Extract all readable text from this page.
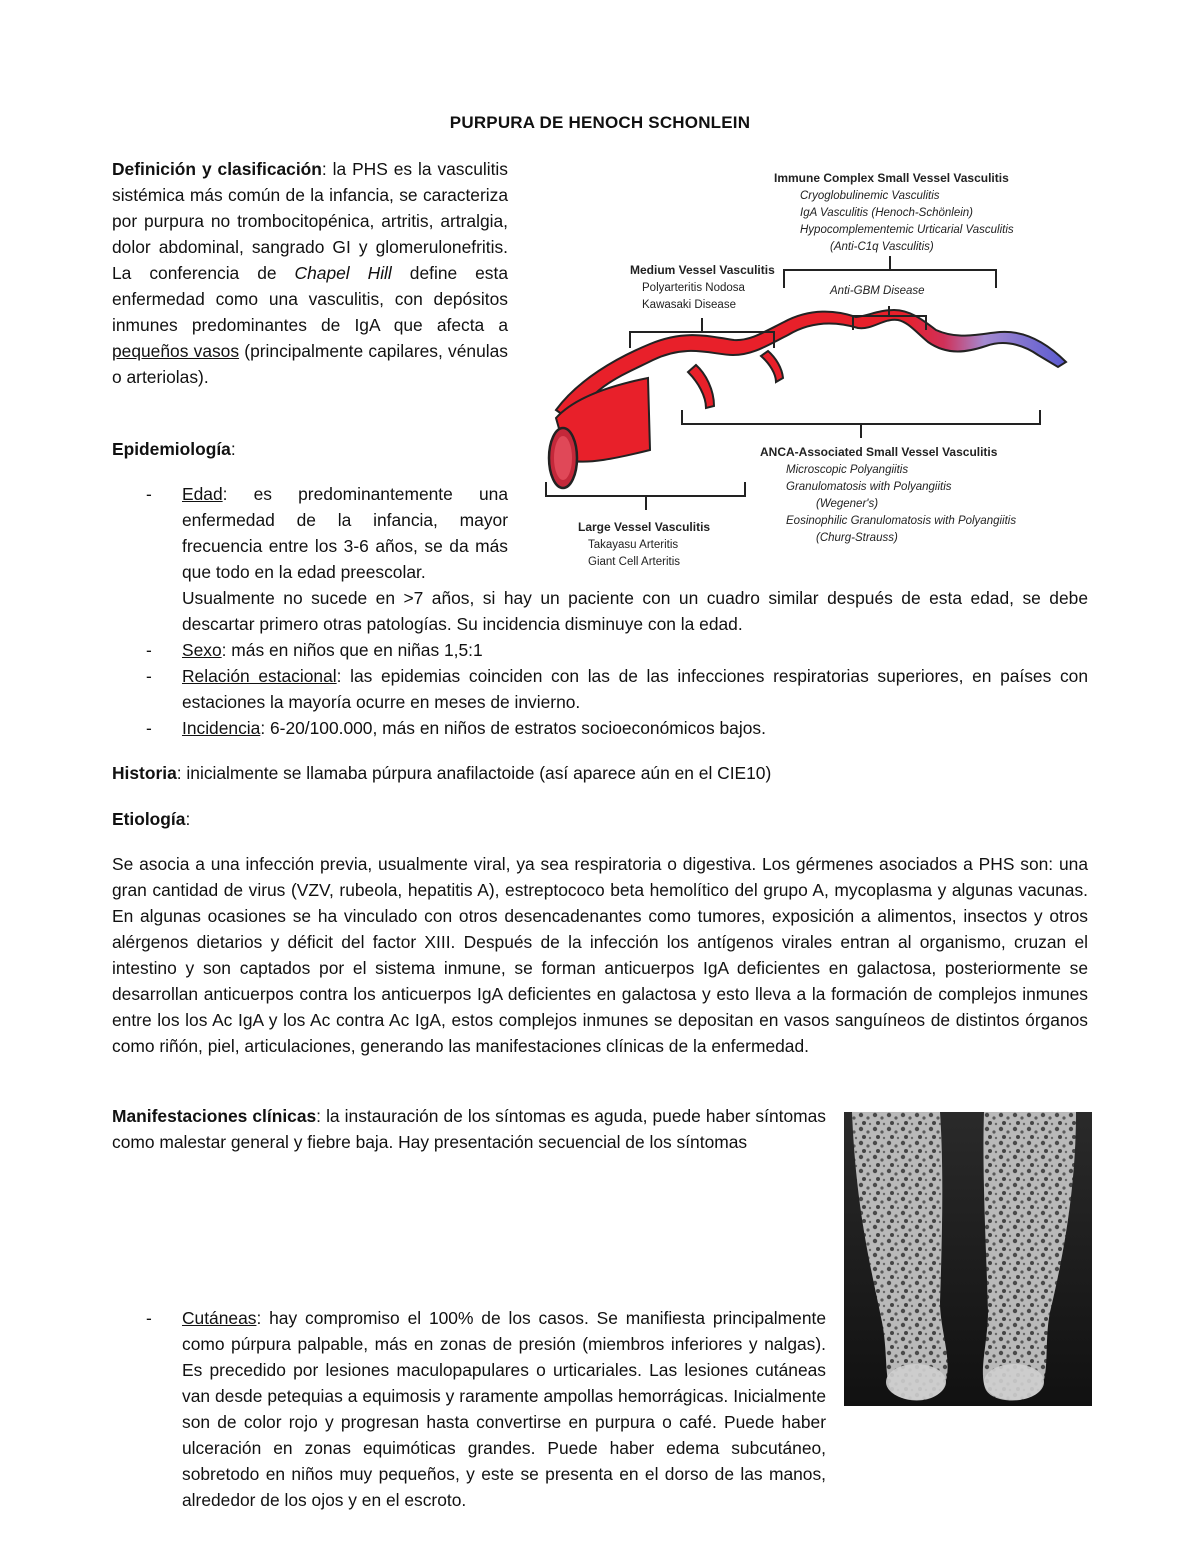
PURPURA DE HENOCH SCHONLEIN

Definición y clasificación: la PHS es la vasculitis sistémica más común de la infancia, se caracteriza por purpura no trombocitopénica, artritis, artralgia, dolor abdominal, sangrado GI y glomerulonefritis. La conferencia de Chapel Hill define esta enfermedad como una vasculitis, con depósitos inmunes predominantes de IgA que afecta a pequeños vasos (principalmente capilares, vénulas o arteriolas).

Epidemiología:

- Edad: es predominantemente una enfermedad de la infancia, mayor frecuencia entre los 3-6 años, se da más que todo en la edad preescolar.

Usualmente no sucede en >7 años, si hay un paciente con un cuadro similar después de esta edad, se debe descartar primero otras patologías. Su incidencia disminuye con la edad.

- Sexo: más en niños que en niñas 1,5:1

- Relación estacional: las epidemias coinciden con las de las infecciones respiratorias superiores, en países con estaciones la mayoría ocurre en meses de invierno.

- Incidencia: 6-20/100.000, más en niños de estratos socioeconómicos bajos.

Historia: inicialmente se llamaba púrpura anafilactoide (así aparece aún en el CIE10)

Etiología:

Se asocia a una infección previa, usualmente viral, ya sea respiratoria o digestiva. Los gérmenes asociados a PHS son: una gran cantidad de virus (VZV, rubeola, hepatitis A), estreptococo beta hemolítico del grupo A, mycoplasma y algunas vacunas. En algunas ocasiones se ha vinculado con otros desencadenantes como tumores, exposición a alimentos, insectos y otros alérgenos dietarios y déficit del factor XIII. Después de la infección los antígenos virales entran al organismo, cruzan el intestino y son captados por el sistema inmune, se forman anticuerpos IgA deficientes en galactosa, posteriormente se desarrollan anticuerpos contra los anticuerpos IgA deficientes en galactosa y esto lleva a la formación de complejos inmunes entre los los Ac IgA y los Ac contra Ac IgA, estos complejos inmunes se depositan en vasos sanguíneos de distintos órganos como riñón, piel, articulaciones, generando las manifestaciones clínicas de la enfermedad.

Manifestaciones clínicas: la instauración de los síntomas es aguda, puede haber síntomas como malestar general y fiebre baja. Hay presentación secuencial de los síntomas

- Cutáneas: hay compromiso el 100% de los casos. Se manifiesta principalmente como púrpura palpable, más en zonas de presión (miembros inferiores y nalgas). Es precedido por lesiones maculopapulares o urticariales. Las lesiones cutáneas van desde petequias a equimosis y raramente ampollas hemorrágicas. Inicialmente son de color rojo y progresan hasta convertirse en purpura o café. Puede haber ulceración en zonas equimóticas grandes. Puede haber edema subcutáneo, sobretodo en niños muy pequeños, y este se presenta en el dorso de las manos, alrededor de los ojos y en el escroto.

Immune Complex Small Vessel Vasculitis
Cryoglobulinemic Vasculitis
IgA Vasculitis (Henoch-Schönlein)
Hypocomplementemic Urticarial Vasculitis
(Anti-C1q Vasculitis)
Medium Vessel Vasculitis
Polyarteritis Nodosa
Kawasaki Disease
Anti-GBM Disease
ANCA-Associated Small Vessel Vasculitis
Microscopic Polyangiitis
Granulomatosis with Polyangiitis
(Wegener's)
Eosinophilic Granulomatosis with Polyangiitis
(Churg-Strauss)
Large Vessel Vasculitis
Takayasu Arteritis
Giant Cell Arteritis
